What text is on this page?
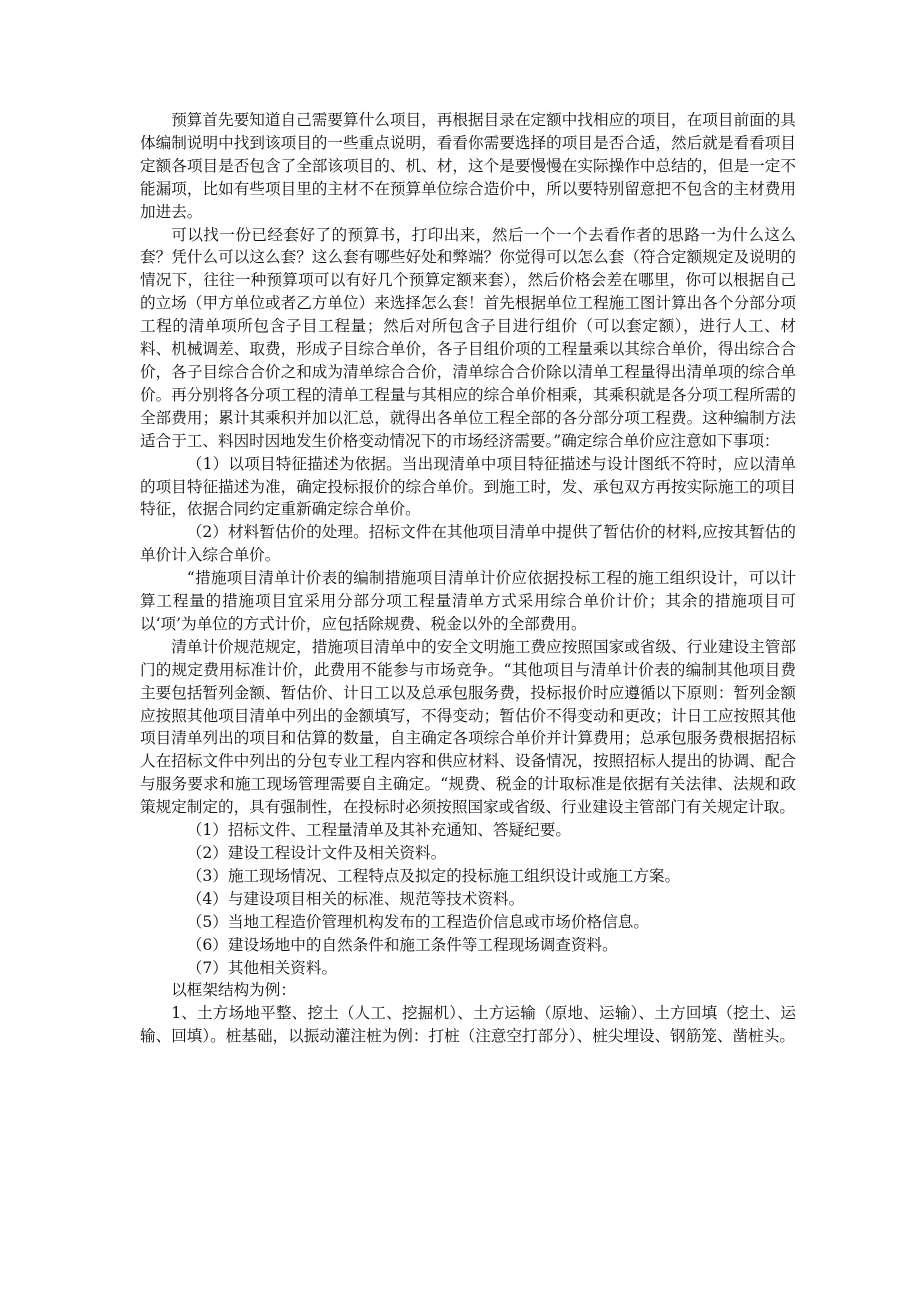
预算首先要知道自己需要算什么项目，再根据目录在定额中找相应的项目，在项目前面的具体编制说明中找到该项目的一些重点说明，看看你需要选择的项目是否合适，然后就是看看项目定额各项目是否包含了全部该项目的、机、材，这个是要慢慢在实际操作中总结的，但是一定不能漏项，比如有些项目里的主材不在预算单位综合造价中，所以要特别留意把不包含的主材费用加进去。

可以找一份已经套好了的预算书，打印出来，然后一个一个去看作者的思路一为什么这么套？凭什么可以这么套？这么套有哪些好处和弊端？你觉得可以怎么套（符合定额规定及说明的情况下，往往一种预算项可以有好几个预算定额来套），然后价格会差在哪里，你可以根据自己的立场（甲方单位或者乙方单位）来选择怎么套！首先根据单位工程施工图计算出各个分部分项工程的清单项所包含子目工程量；然后对所包含子目进行组价（可以套定额），进行人工、材料、机械调差、取费，形成子目综合单价，各子目组价项的工程量乘以其综合单价，得出综合合价，各子目综合合价之和成为清单综合合价，清单综合合价除以清单工程量得出清单项的综合单价。再分别将各分项工程的清单工程量与其相应的综合单价相乘，其乘积就是各分项工程所需的全部费用；累计其乘积并加以汇总，就得出各单位工程全部的各分部分项工程费。这种编制方法适合于工、料因时因地发生价格变动情况下的市场经济需要。”确定综合单价应注意如下事项：

（1）以项目特征描述为依据。当出现清单中项目特征描述与设计图纸不符时，应以清单的项目特征描述为准，确定投标报价的综合单价。到施工时，发、承包双方再按实际施工的项目特征，依据合同约定重新确定综合单价。

（2）材料暂估价的处理。招标文件在其他项目清单中提供了暂估价的材料,应按其暂估的单价计入综合单价。

“措施项目清单计价表的编制措施项目清单计价应依据投标工程的施工组织设计，可以计算工程量的措施项目宜采用分部分项工程量清单方式采用综合单价计价；其余的措施项目可以‘项’为单位的方式计价，应包括除规费、税金以外的全部费用。

清单计价规范规定，措施项目清单中的安全文明施工费应按照国家或省级、行业建设主管部门的规定费用标准计价，此费用不能参与市场竞争。“其他项目与清单计价表的编制其他项目费主要包括暂列金额、暂估价、计日工以及总承包服务费，投标报价时应遵循以下原则：暂列金额应按照其他项目清单中列出的金额填写，不得变动；暂估价不得变动和更改；计日工应按照其他项目清单列出的项目和估算的数量，自主确定各项综合单价并计算费用；总承包服务费根据招标人在招标文件中列出的分包专业工程内容和供应材料、设备情况，按照招标人提出的协调、配合与服务要求和施工现场管理需要自主确定。“规费、税金的计取标准是依据有关法律、法规和政策规定制定的，具有强制性，在投标时必须按照国家或省级、行业建设主管部门有关规定计取。

（1）招标文件、工程量清单及其补充通知、答疑纪要。

（2）建设工程设计文件及相关资料。

（3）施工现场情况、工程特点及拟定的投标施工组织设计或施工方案。

（4）与建设项目相关的标准、规范等技术资料。

（5）当地工程造价管理机构发布的工程造价信息或市场价格信息。

（6）建设场地中的自然条件和施工条件等工程现场调查资料。

（7）其他相关资料。

以框架结构为例：

1、土方场地平整、挖土（人工、挖掘机）、土方运输（原地、运输）、土方回填（挖土、运输、回填）。桩基础，以振动灌注桩为例：打桩（注意空打部分）、桩尖埋设、钢筋笼、凿桩头。
